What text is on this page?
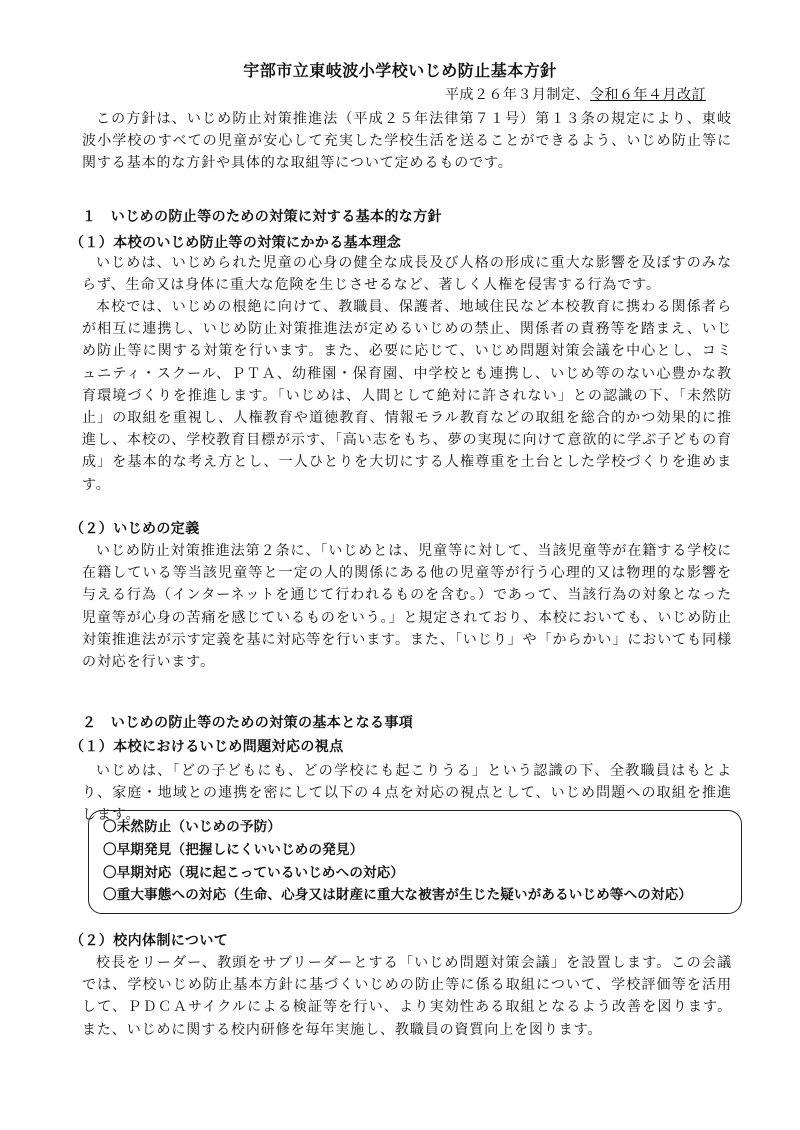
宇部市立東岐波小学校いじめ防止基本方針
平成２６年３月制定、令和６年４月改訂

この方針は、いじめ防止対策推進法（平成２５年法律第７１号）第１３条の規定により、東岐波小学校のすべての児童が安心して充実した学校生活を送ることができるよう、いじめ防止等に関する基本的な方針や具体的な取組等について定めるものです。

１　いじめの防止等のための対策に対する基本的な方針
（１）本校のいじめ防止等の対策にかかる基本理念

いじめは、いじめられた児童の心身の健全な成長及び人格の形成に重大な影響を及ぼすのみならず、生命又は身体に重大な危険を生じさせるなど、著しく人権を侵害する行為です。

本校では、いじめの根絶に向けて、教職員、保護者、地域住民など本校教育に携わる関係者らが相互に連携し、いじめ防止対策推進法が定めるいじめの禁止、関係者の責務等を踏まえ、いじめ防止等に関する対策を行います。また、必要に応じて、いじめ問題対策会議を中心とし、コミュニティ・スクール、ＰＴＡ、幼稚園・保育園、中学校とも連携し、いじめ等のない心豊かな教育環境づくりを推進します。「いじめは、人間として絶対に許されない」との認識の下、「未然防止」の取組を重視し、人権教育や道徳教育、情報モラル教育などの取組を総合的かつ効果的に推進し、本校の、学校教育目標が示す、「高い志をもち、夢の実現に向けて意欲的に学ぶ子どもの育成」を基本的な考え方とし、一人ひとりを大切にする人権尊重を土台とした学校づくりを進めます。

（２）いじめの定義

いじめ防止対策推進法第２条に、「いじめとは、児童等に対して、当該児童等が在籍する学校に在籍している等当該児童等と一定の人的関係にある他の児童等が行う心理的又は物理的な影響を与える行為（インターネットを通じて行われるものを含む。）であって、当該行為の対象となった児童等が心身の苦痛を感じているものをいう。」と規定されており、本校においても、いじめ防止対策推進法が示す定義を基に対応等を行います。また、「いじり」や「からかい」においても同様の対応を行います。

２　いじめの防止等のための対策の基本となる事項
（１）本校におけるいじめ問題対応の視点

いじめは、「どの子どもにも、どの学校にも起こりうる」という認識の下、全教職員はもとより、家庭・地域との連携を密にして以下の４点を対応の視点として、いじめ問題への取組を推進します。

〇未然防止（いじめの予防）
〇早期発見（把握しにくいいじめの発見）
〇早期対応（現に起こっているいじめへの対応）
〇重大事態への対応（生命、心身又は財産に重大な被害が生じた疑いがあるいじめ等への対応）
（２）校内体制について

校長をリーダー、教頭をサブリーダーとする「いじめ問題対策会議」を設置します。この会議では、学校いじめ防止基本方針に基づくいじめの防止等に係る取組について、学校評価等を活用して、ＰＤＣＡサイクルによる検証等を行い、より実効性ある取組となるよう改善を図ります。また、いじめに関する校内研修を毎年実施し、教職員の資質向上を図ります。
